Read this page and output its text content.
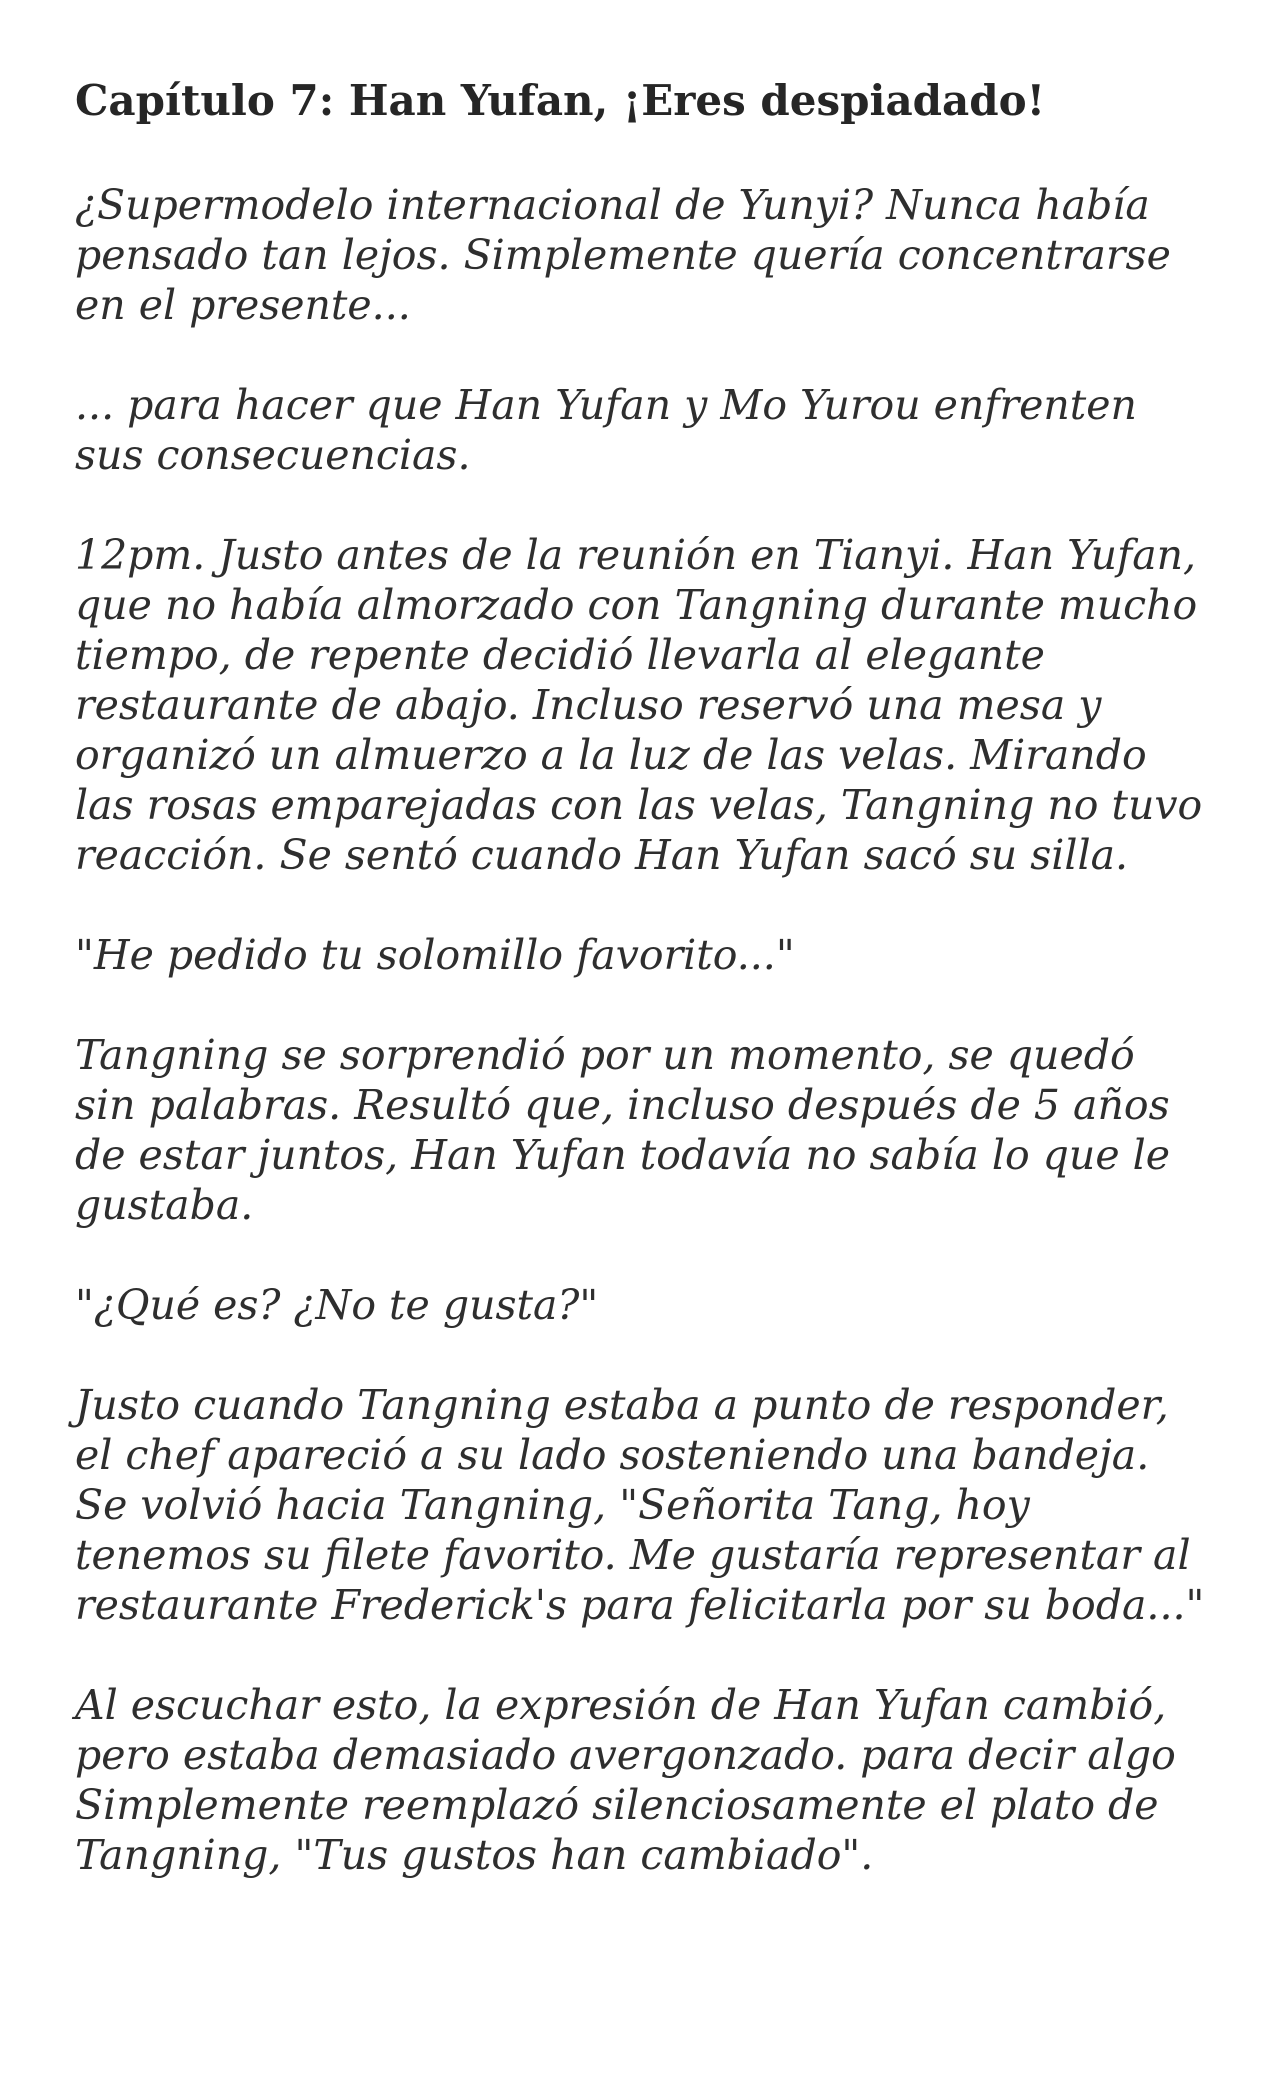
Capítulo 7: Han Yufan, ¡Eres despiadado!

¿Supermodelo internacional de Yunyi? Nunca había pensado tan lejos. Simplemente quería concentrarse en el presente...

... para hacer que Han Yufan y Mo Yurou enfrenten sus consecuencias.

12pm. Justo antes de la reunión en Tianyi. Han Yufan, que no había almorzado con Tangning durante mucho tiempo, de repente decidió llevarla al elegante restaurante de abajo. Incluso reservó una mesa y organizó un almuerzo a la luz de las velas. Mirando las rosas emparejadas con las velas, Tangning no tuvo reacción. Se sentó cuando Han Yufan sacó su silla.

"He pedido tu solomillo favorito..."

Tangning se sorprendió por un momento, se quedó sin palabras. Resultó que, incluso después de 5 años de estar juntos, Han Yufan todavía no sabía lo que le gustaba.

"¿Qué es? ¿No te gusta?"

Justo cuando Tangning estaba a punto de responder, el chef apareció a su lado sosteniendo una bandeja. Se volvió hacia Tangning, "Señorita Tang, hoy tenemos su filete favorito. Me gustaría representar al restaurante Frederick's para felicitarla por su boda..."

Al escuchar esto, la expresión de Han Yufan cambió, pero estaba demasiado avergonzado. para decir algo Simplemente reemplazó silenciosamente el plato de Tangning, "Tus gustos han cambiado".
